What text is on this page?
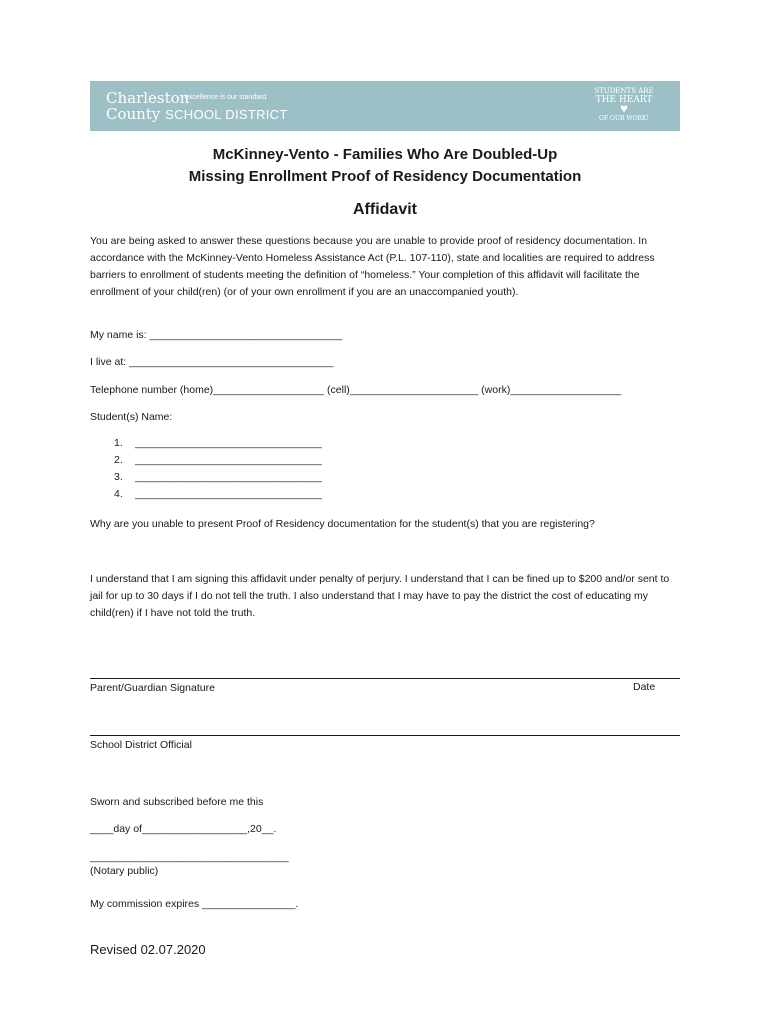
Charleston
County SCHOOL DISTRICT
excellence is our standard
STUDENTS ARE
THE HEART
♥
OF OUR WORK!
McKinney-Vento - Families Who Are Doubled-Up
Missing Enrollment Proof of Residency Documentation
Affidavit
You are being asked to answer these questions because you are unable to provide proof of residency documentation. In accordance with the McKinney-Vento Homeless Assistance Act (P.L. 107-110), state and localities are required to address barriers to enrollment of students meeting the definition of “homeless.” Your completion of this affidavit will facilitate the enrollment of your child(ren) (or of your own enrollment if you are an unaccompanied youth).
My name is: _________________________________
I live at: ___________________________________
Telephone number (home)___________________ (cell)______________________ (work)___________________
Student(s) Name:
1. ________________________________
2. ________________________________
3. ________________________________
4. ________________________________
Why are you unable to present Proof of Residency documentation for the student(s) that you are registering?
I understand that I am signing this affidavit under penalty of perjury. I understand that I can be fined up to $200 and/or sent to jail for up to 30 days if I do not tell the truth. I also understand that I may have to pay the district the cost of educating my child(ren) if I have not told the truth.
Parent/Guardian Signature	Date
School District Official
Sworn and subscribed before me this
____day of__________________,20__.
__________________________________
(Notary public)
My commission expires ________________.
Revised 02.07.2020
